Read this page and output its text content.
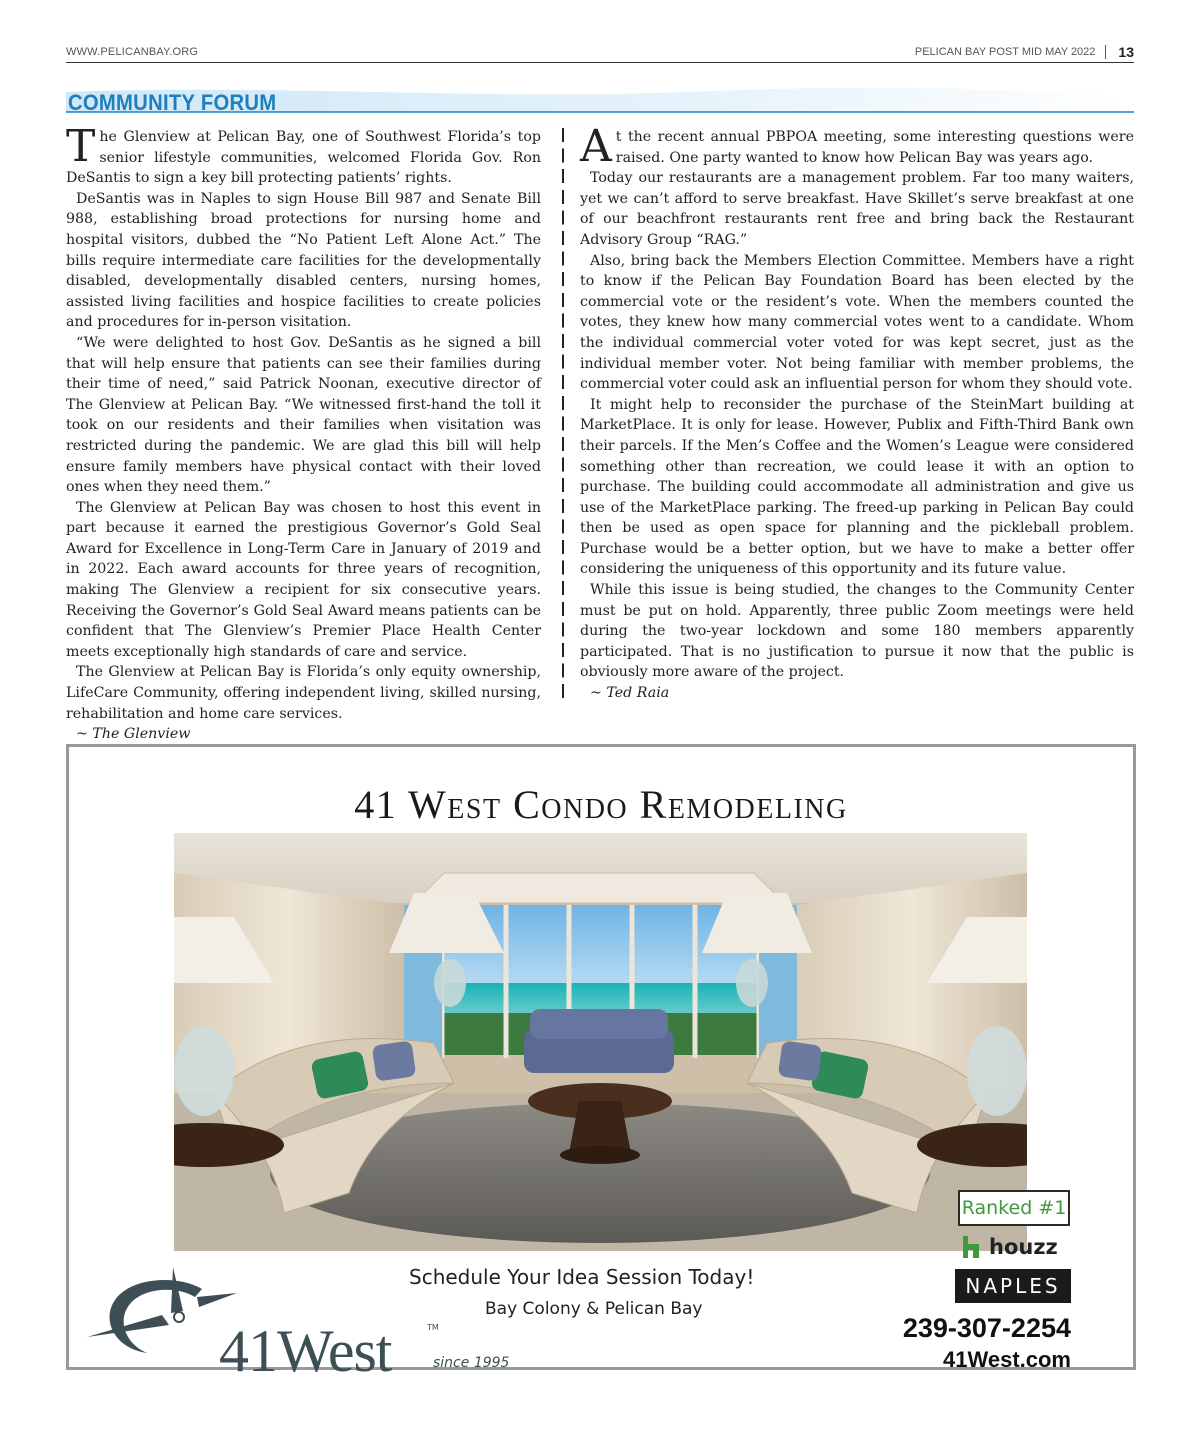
WWW.PELICANBAY.ORG	PELICAN BAY POST MID MAY 2022 13
COMMUNITY FORUM

The Glenview at Pelican Bay, one of Southwest Florida’s top senior lifestyle communities, welcomed Florida Gov. Ron DeSantis to sign a key bill protecting patients’ rights.

DeSantis was in Naples to sign House Bill 987 and Senate Bill 988, establishing broad protections for nursing home and hospital visitors, dubbed the “No Patient Left Alone Act.” The bills require intermediate care facilities for the developmentally disabled, developmentally disabled centers, nursing homes, assisted living facilities and hospice facilities to create policies and procedures for in-person visitation.

“We were delighted to host Gov. DeSantis as he signed a bill that will help ensure that patients can see their families during their time of need,” said Patrick Noonan, executive director of The Glenview at Pelican Bay. “We witnessed first-hand the toll it took on our residents and their families when visitation was restricted during the pandemic. We are glad this bill will help ensure family members have physical contact with their loved ones when they need them.”

The Glenview at Pelican Bay was chosen to host this event in part because it earned the prestigious Governor’s Gold Seal Award for Excellence in Long-Term Care in January of 2019 and in 2022. Each award accounts for three years of recognition, making The Glenview a recipient for six consecutive years. Receiving the Governor’s Gold Seal Award means patients can be confident that The Glenview’s Premier Place Health Center meets exceptionally high standards of care and service.

The Glenview at Pelican Bay is Florida’s only equity ownership, LifeCare Community, offering independent living, skilled nursing, rehabilitation and home care services.

~ The Glenview

At the recent annual PBPOA meeting, some interesting questions were raised. One party wanted to know how Pelican Bay was years ago.

Today our restaurants are a management problem. Far too many waiters, yet we can’t afford to serve breakfast. Have Skillet’s serve breakfast at one of our beachfront restaurants rent free and bring back the Restaurant Advisory Group “RAG.”

Also, bring back the Members Election Committee. Members have a right to know if the Pelican Bay Foundation Board has been elected by the commercial vote or the resident’s vote. When the members counted the votes, they knew how many commercial votes went to a candidate. Whom the individual commercial voter voted for was kept secret, just as the individual member voter. Not being familiar with member problems, the commercial voter could ask an influential person for whom they should vote.

It might help to reconsider the purchase of the SteinMart building at MarketPlace. It is only for lease. However, Publix and Fifth-Third Bank own their parcels. If the Men’s Coffee and the Women’s League were considered something other than recreation, we could lease it with an option to purchase. The building could accommodate all administration and give us use of the MarketPlace parking. The freed-up parking in Pelican Bay could then be used as open space for planning and the pickleball problem. Purchase would be a better option, but we have to make a better offer considering the uniqueness of this opportunity and its future value.

While this issue is being studied, the changes to the Community Center must be put on hold. Apparently, three public Zoom meetings were held during the two-year lockdown and some 180 members apparently participated. That is no justification to pursue it now that the public is obviously more aware of the project.

~ Ted Raia

41 West Condo Remodeling
Ranked #1
houzz
NAPLES
Schedule Your Idea Session Today!
Bay Colony & Pelican Bay
239-307-2254
41West.com
41West	TM
since 1995
